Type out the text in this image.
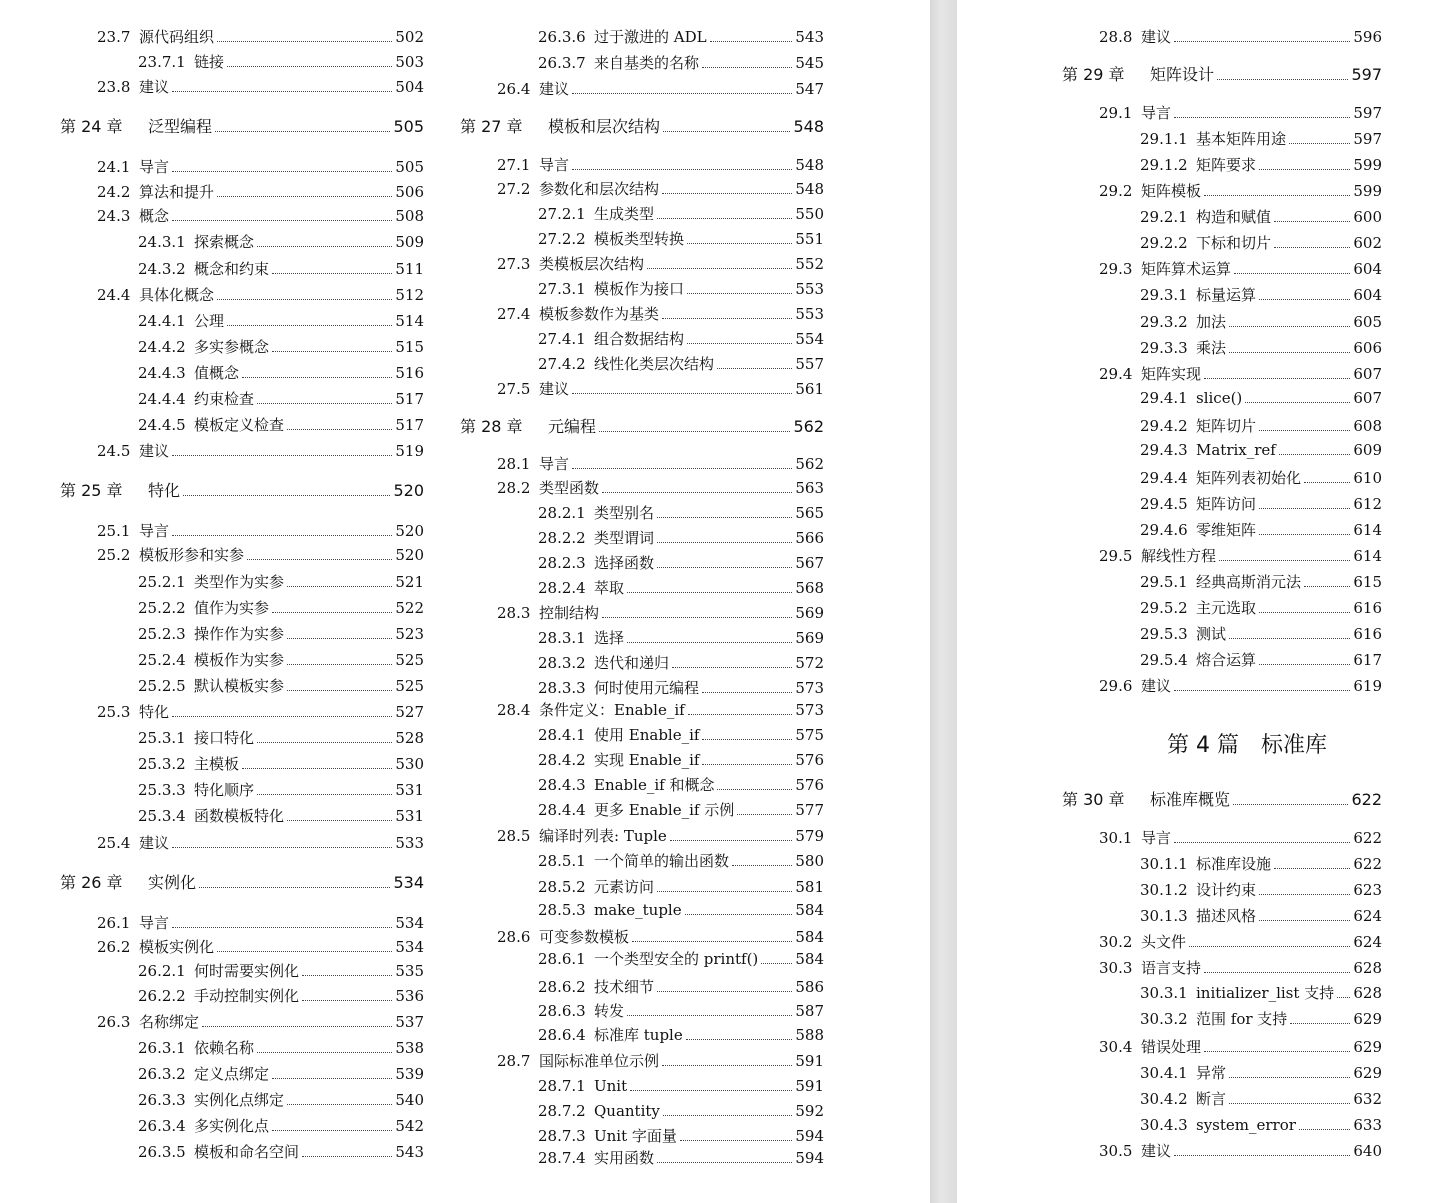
23.7 源代码组织	502
23.7.1 链接	503
23.8 建议	504
第 24 章	泛型编程	505
24.1 导言	505
24.2 算法和提升	506
24.3 概念	508
24.3.1 探索概念	509
24.3.2 概念和约束	511
24.4 具体化概念	512
24.4.1 公理	514
24.4.2 多实参概念	515
24.4.3 值概念	516
24.4.4 约束检查	517
24.4.5 模板定义检查	517
24.5 建议	519
第 25 章	特化	520
25.1 导言	520
25.2 模板形参和实参	520
25.2.1 类型作为实参	521
25.2.2 值作为实参	522
25.2.3 操作作为实参	523
25.2.4 模板作为实参	525
25.2.5 默认模板实参	525
25.3 特化	527
25.3.1 接口特化	528
25.3.2 主模板	530
25.3.3 特化顺序	531
25.3.4 函数模板特化	531
25.4 建议	533
第 26 章	实例化	534
26.1 导言	534
26.2 模板实例化	534
26.2.1 何时需要实例化	535
26.2.2 手动控制实例化	536
26.3 名称绑定	537
26.3.1 依赖名称	538
26.3.2 定义点绑定	539
26.3.3 实例化点绑定	540
26.3.4 多实例化点	542
26.3.5 模板和命名空间	543
26.3.6 过于激进的 ADL	543
26.3.7 来自基类的名称	545
26.4 建议	547
第 27 章	模板和层次结构	548
27.1 导言	548
27.2 参数化和层次结构	548
27.2.1 生成类型	550
27.2.2 模板类型转换	551
27.3 类模板层次结构	552
27.3.1 模板作为接口	553
27.4 模板参数作为基类	553
27.4.1 组合数据结构	554
27.4.2 线性化类层次结构	557
27.5 建议	561
第 28 章	元编程	562
28.1 导言	562
28.2 类型函数	563
28.2.1 类型别名	565
28.2.2 类型谓词	566
28.2.3 选择函数	567
28.2.4 萃取	568
28.3 控制结构	569
28.3.1 选择	569
28.3.2 迭代和递归	572
28.3.3 何时使用元编程	573
28.4 条件定义：Enable_if	573
28.4.1 使用 Enable_if	575
28.4.2 实现 Enable_if	576
28.4.3 Enable_if 和概念	576
28.4.4 更多 Enable_if 示例	577
28.5 编译时列表: Tuple	579
28.5.1 一个简单的输出函数	580
28.5.2 元素访问	581
28.5.3 make_tuple	584
28.6 可变参数模板	584
28.6.1 一个类型安全的 printf() 584
28.6.2 技术细节	586
28.6.3 转发	587
28.6.4 标准库 tuple	588
28.7 国际标准单位示例	591
28.7.1 Unit	591
28.7.2 Quantity	592
28.7.3 Unit 字面量	594
28.7.4 实用函数	594
28.8 建议	596
第 29 章	矩阵设计	597
29.1 导言	597
29.1.1 基本矩阵用途	597
29.1.2 矩阵要求	599
29.2 矩阵模板	599
29.2.1 构造和赋值	600
29.2.2 下标和切片	602
29.3 矩阵算术运算	604
29.3.1 标量运算	604
29.3.2 加法	605
29.3.3 乘法	606
29.4 矩阵实现	607
29.4.1 slice()	607
29.4.2 矩阵切片	608
29.4.3 Matrix_ref	609
29.4.4 矩阵列表初始化	610
29.4.5 矩阵访问	612
29.4.6 零维矩阵	614
29.5 解线性方程	614
29.5.1 经典高斯消元法	615
29.5.2 主元选取	616
29.5.3 测试	616
29.5.4 熔合运算	617
29.6 建议	619
第 30 章	标准库概览	622
30.1 导言	622
30.1.1 标准库设施	622
30.1.2 设计约束	623
30.1.3 描述风格	624
30.2 头文件	624
30.3 语言支持	628
30.3.1 initializer_list 支持 628
30.3.2 范围 for 支持	629
30.4 错误处理	629
30.4.1 异常	629
30.4.2 断言	632
30.4.3 system_error	633
30.5 建议	640
第 4 篇　标准库
